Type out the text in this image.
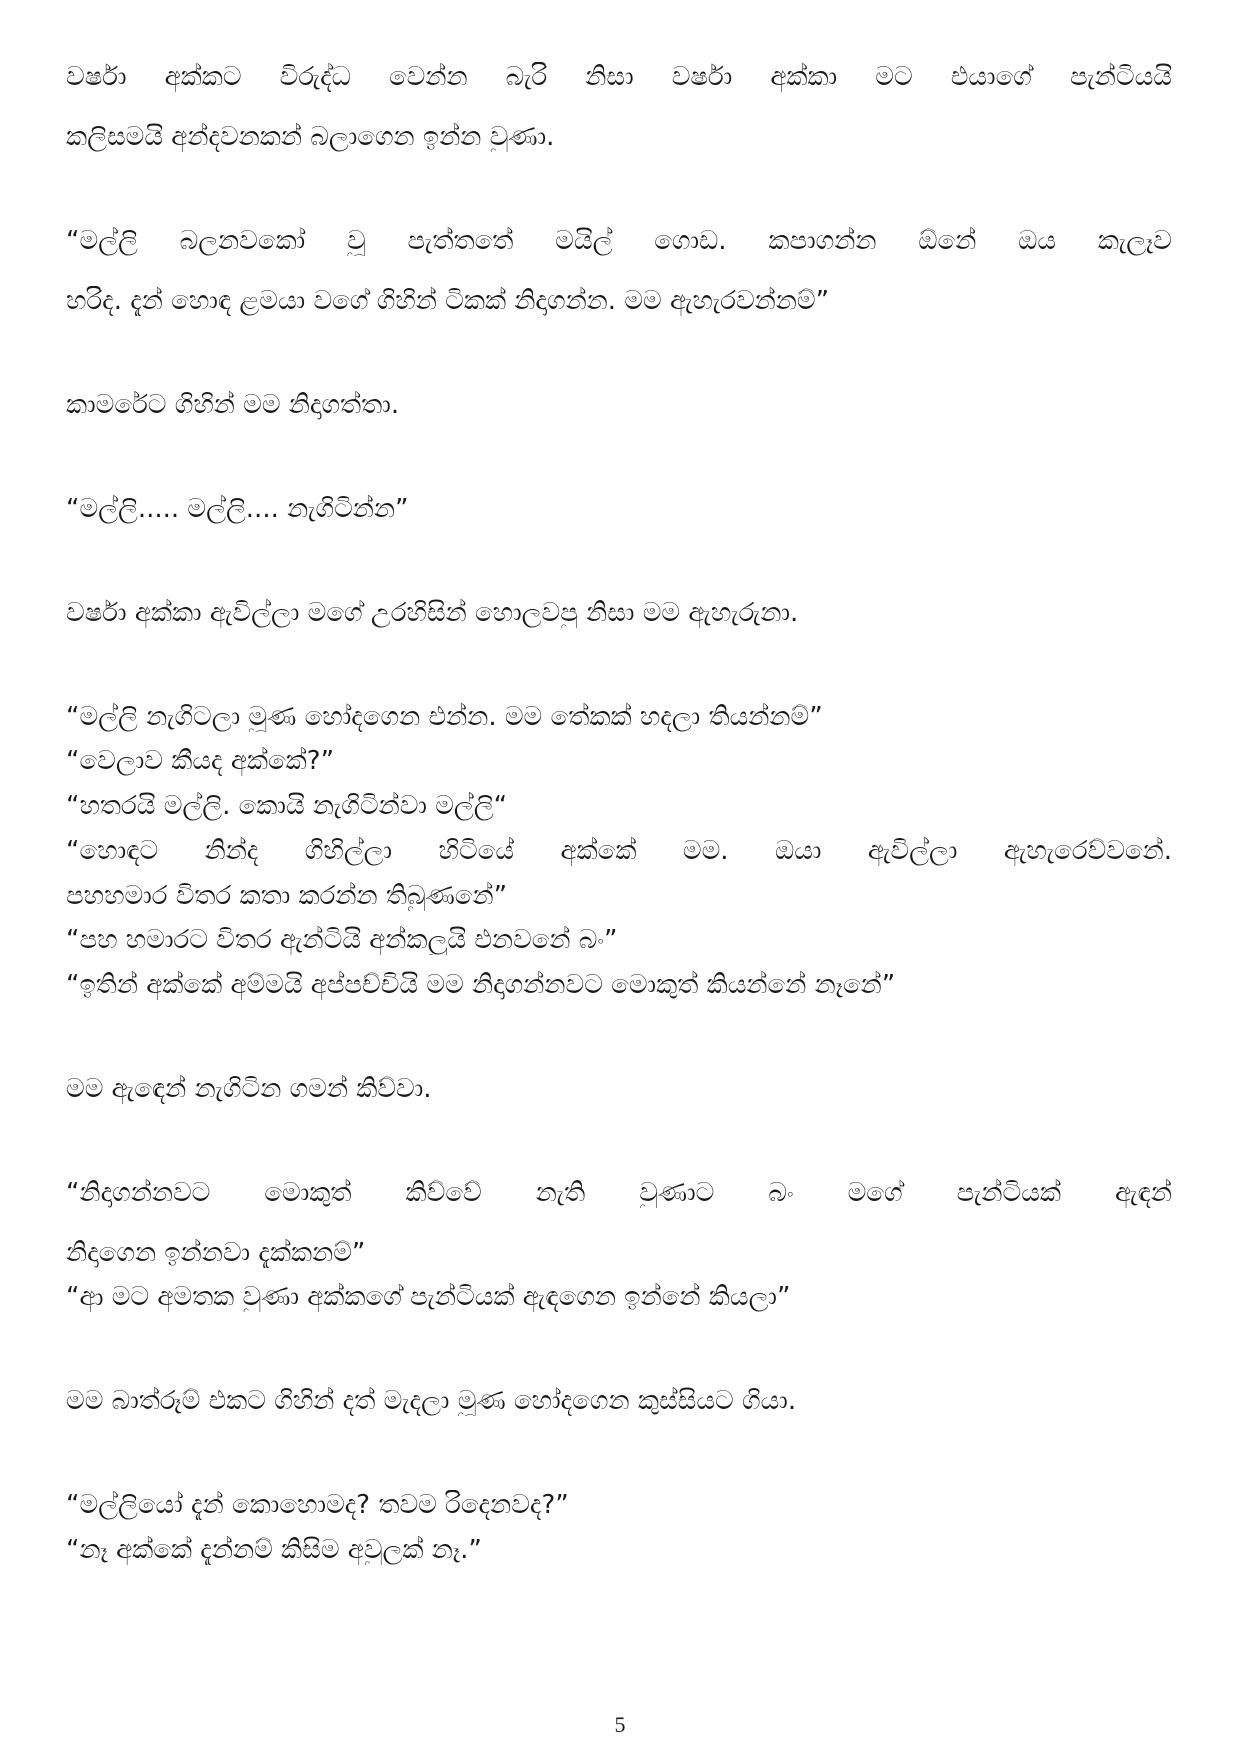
වර්ෂා අක්කට විරුද්ධ වෙන්න බැරි නිසා වර්ෂා අක්කා මට එයාගේ පැන්ටියයි

කලිසමයි අන්දවනකන් බලාගෙන ඉන්න වුණා.

“මල්ලි බලනවකෝ වූ පැත්තතේ මයිල් ගොඩ. කපාගන්න ඕනේ ඔය කැලෑව

හරිද. දැන් හොඳ ළමයා වගේ ගිහින් ටිකක් නිදාගන්න. මම ඇහැරවන්නම්”

කාමරේට ගිහින් මම නිදාගත්තා.

“මල්ලි..... මල්ලි.... නැගිටින්න”

වර්ෂා අක්කා ඇවිල්ලා මගේ උරහිසින් හොලවපු නිසා මම ඇහැරුනා.

“මල්ලි නැගිටලා මූණ හෝදගෙන එන්න. මම තේකක් හදලා තියන්නම්”

“වෙලාව කීයද අක්කේ?”

“හතරයි මල්ලි. කොයි නැගිටින්වා මල්ලි“

“හොඳට නින්ද ගිහිල්ලා හිටියේ අක්කේ මම. ඔයා ඇවිල්ලා ඇහැරෙව්වනේ.

පහහමාර විතර කතා කරන්න තිබුණනේ”

“පහ හමාරට විතර ඇන්ටියි අන්කලුයි එනවනේ බං”

“ඉතින් අක්කේ අම්මයි අප්පච්චියි මම නිදාගන්නවට මොකුත් කියන්නේ නෑනේ”

මම ඇඳෙන් නැගිටින ගමන් කිව්වා.

“නිදාගන්නවට මොකුත් කිව්වේ නැති වුණාට බං මගේ පැන්ටියක් ඇඳන්

නිදාගෙන ඉන්නවා දැක්කනම්”

“ආ මට අමතක වුණා අක්කගේ පැන්ටියක් ඇඳගෙන ඉන්නේ කියලා”

මම බාත්රූම් එකට ගිහින් දත් මැදලා මූණ හෝදගෙන කුස්සියට ගියා.

“මල්ලියෝ දැන් කොහොමද? තවම රිදෙනවද?”

“නෑ අක්කේ දැන්නම් කිසිම අවුලක් නෑ.”

5
